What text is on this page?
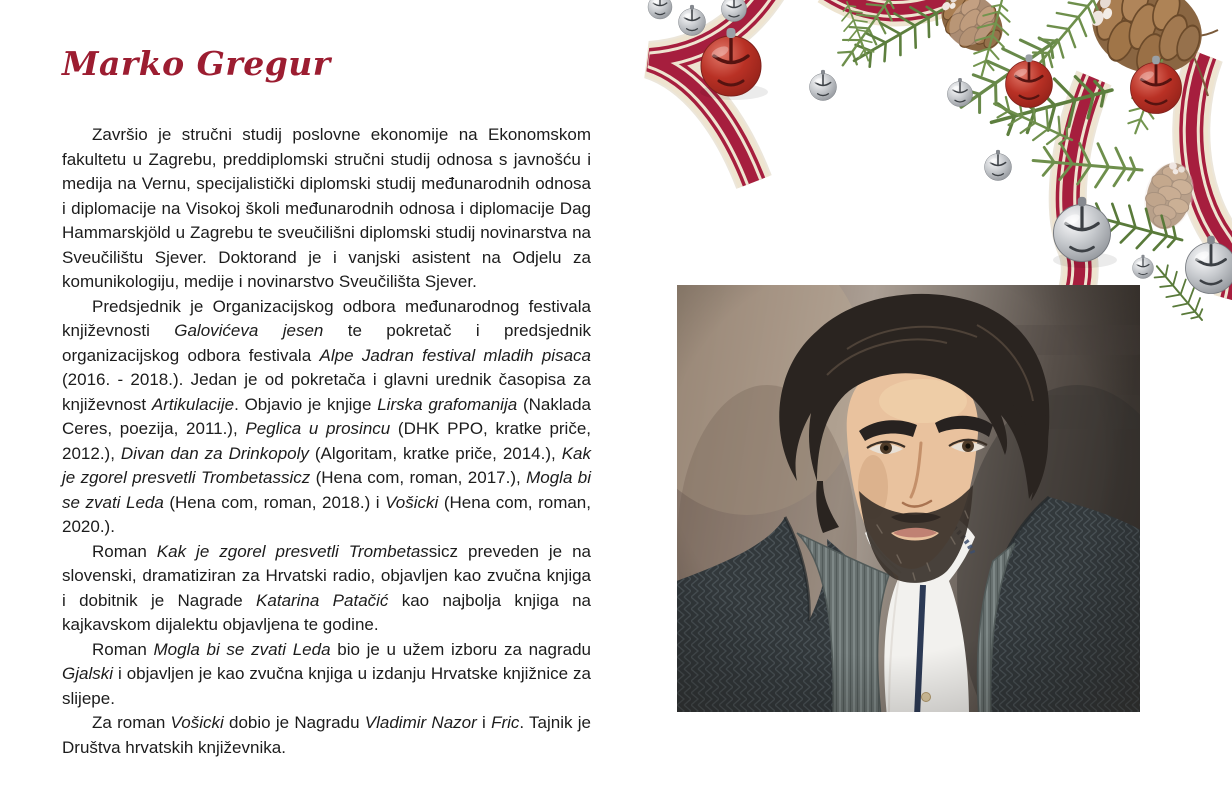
Marko Gregur

Završio je stručni studij poslovne ekonomije na Ekonomskom fakultetu u Zagrebu, preddiplomski stručni studij odnosa s javnošću i medija na Vernu, specijalistički diplomski studij međunarodnih odnosa i diplomacije na Visokoj školi međunarodnih odnosa i diplomacije Dag Hammarskjöld u Zagrebu te sveučilišni diplomski studij novinarstva na Sveučilištu Sjever. Doktorand je i vanjski asistent na Odjelu za komunikologiju, medije i novinarstvo Sveučilišta Sjever.

Predsjednik je Organizacijskog odbora međunarodnog festivala književnosti Galovićeva jesen te pokretač i predsjednik organizacijskog odbora festivala Alpe Jadran festival mladih pisaca (2016. - 2018.). Jedan je od pokretača i glavni urednik časopisa za književnost Artikulacije. Objavio je knjige Lirska grafomanija (Naklada Ceres, poezija, 2011.), Peglica u prosincu (DHK PPO, kratke priče, 2012.), Divan dan za Drinkopoly (Algoritam, kratke priče, 2014.), Kak je zgorel presvetli Trombetassicz (Hena com, roman, 2017.), Mogla bi se zvati Leda (Hena com, roman, 2018.) i Vošicki (Hena com, roman, 2020.).

Roman Kak je zgorel presvetli Trombetassicz preveden je na slovenski, dramatiziran za Hrvatski radio, objavljen kao zvučna knjiga i dobitnik je Nagrade Katarina Patačić kao najbolja knjiga na kajkavskom dijalektu objavljena te godine.

Roman Mogla bi se zvati Leda bio je u užem izboru za nagradu Gjalski i objavljen je kao zvučna knjiga u izdanju Hrvatske knjižnice za slijepe.

Za roman Vošicki dobio je Nagradu Vladimir Nazor i Fric. Tajnik je Društva hrvatskih književnika.
